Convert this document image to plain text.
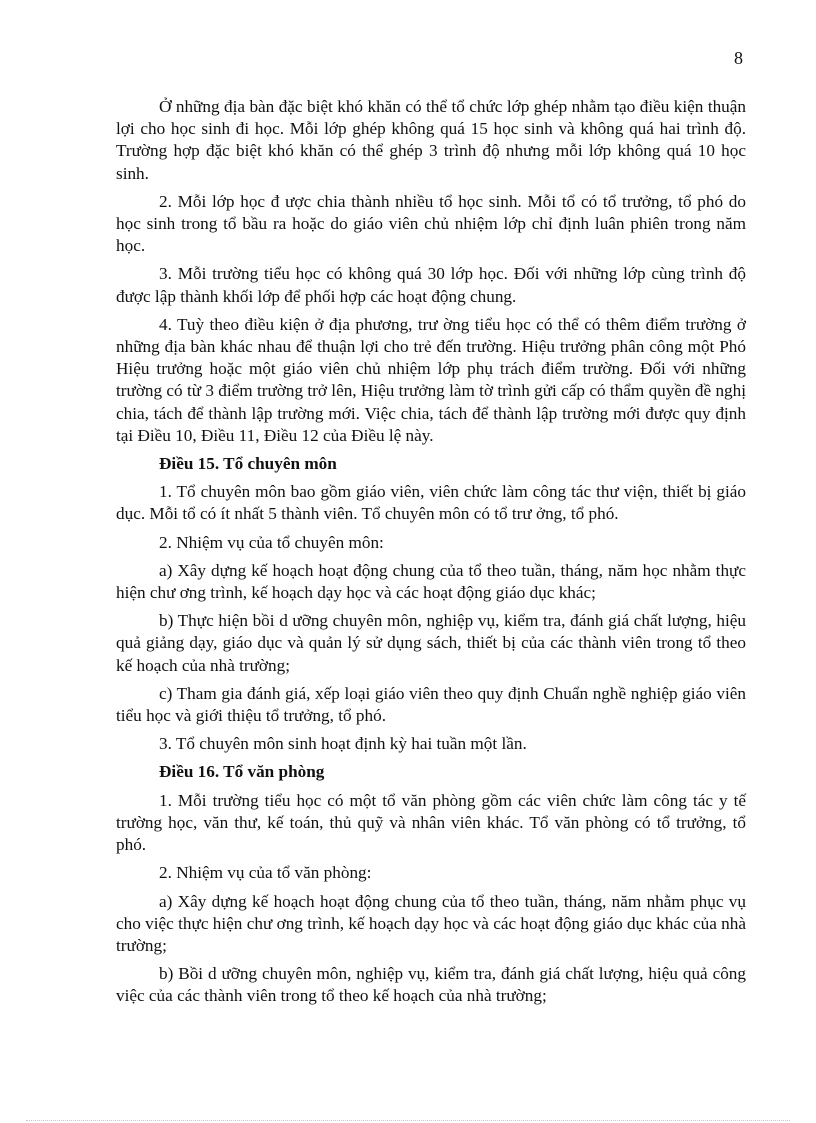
8

Ở những địa bàn đặc biệt khó khăn có thể tổ chức lớp ghép nhằm tạo điều kiện thuận lợi cho học sinh đi học. Mỗi lớp ghép không quá 15 học sinh và không quá hai trình độ. Trường hợp đặc biệt khó khăn có thể ghép 3 trình độ nhưng mỗi lớp không quá 10 học sinh.

2. Mỗi lớp học đ ược chia thành nhiều tổ học sinh. Mỗi tổ có tổ trưởng, tổ phó do học sinh trong tổ bầu ra hoặc do giáo viên chủ nhiệm lớp chỉ định luân phiên trong năm học.

3. Mỗi trường tiểu học có không quá 30 lớp học. Đối với những lớp cùng trình độ được lập thành khối lớp để phối hợp các hoạt động chung.

4. Tuỳ theo điều kiện ở địa phương, trư ờng tiểu học có thể có thêm điểm trường ở những địa bàn khác nhau để thuận lợi cho trẻ đến trường. Hiệu trưởng phân công một Phó Hiệu trưởng hoặc một giáo viên chủ nhiệm lớp phụ trách điểm trường. Đối với những trường có từ 3 điểm trường trở lên, Hiệu trưởng làm tờ trình gửi cấp có thẩm quyền đề nghị chia, tách để thành lập trường mới. Việc chia, tách để thành lập trường mới được quy định tại Điều 10, Điều 11, Điều 12 của Điều lệ này.

Điều 15. Tổ chuyên môn

1. Tổ chuyên môn bao gồm giáo viên, viên chức làm công tác thư viện, thiết bị giáo dục. Mỗi tổ có ít nhất 5 thành viên. Tổ chuyên môn có tổ trư ởng, tổ phó.

2. Nhiệm vụ của tổ chuyên môn:

a) Xây dựng kế hoạch hoạt động chung của tổ theo tuần, tháng, năm học nhằm thực hiện chư ơng trình, kế hoạch dạy học và các hoạt động giáo dục khác;

b) Thực hiện bồi d ưỡng chuyên môn, nghiệp vụ, kiểm tra, đánh giá chất lượng, hiệu quả giảng dạy, giáo dục và quản lý sử dụng sách, thiết bị của các thành viên trong tổ theo kế hoạch của nhà trường;

c) Tham gia đánh giá, xếp loại giáo viên theo quy định Chuẩn nghề nghiệp giáo viên tiểu học và giới thiệu tổ trưởng, tổ phó.

3. Tổ chuyên môn sinh hoạt định kỳ hai tuần một lần.

Điều 16. Tổ văn phòng

1. Mỗi trường tiểu học có một tổ văn phòng gồm các viên chức làm công tác y tế trường học, văn thư, kế toán, thủ quỹ và nhân viên khác. Tổ văn phòng có tổ trưởng, tổ phó.

2. Nhiệm vụ của tổ văn phòng:

a) Xây dựng kế hoạch hoạt động chung của tổ theo tuần, tháng, năm nhằm phục vụ cho việc thực hiện chư ơng trình, kế hoạch dạy học và các hoạt động giáo dục khác của nhà trường;

b) Bồi d ưỡng chuyên môn, nghiệp vụ, kiểm tra, đánh giá chất lượng, hiệu quả công việc của các thành viên trong tổ theo kế hoạch của nhà trường;
